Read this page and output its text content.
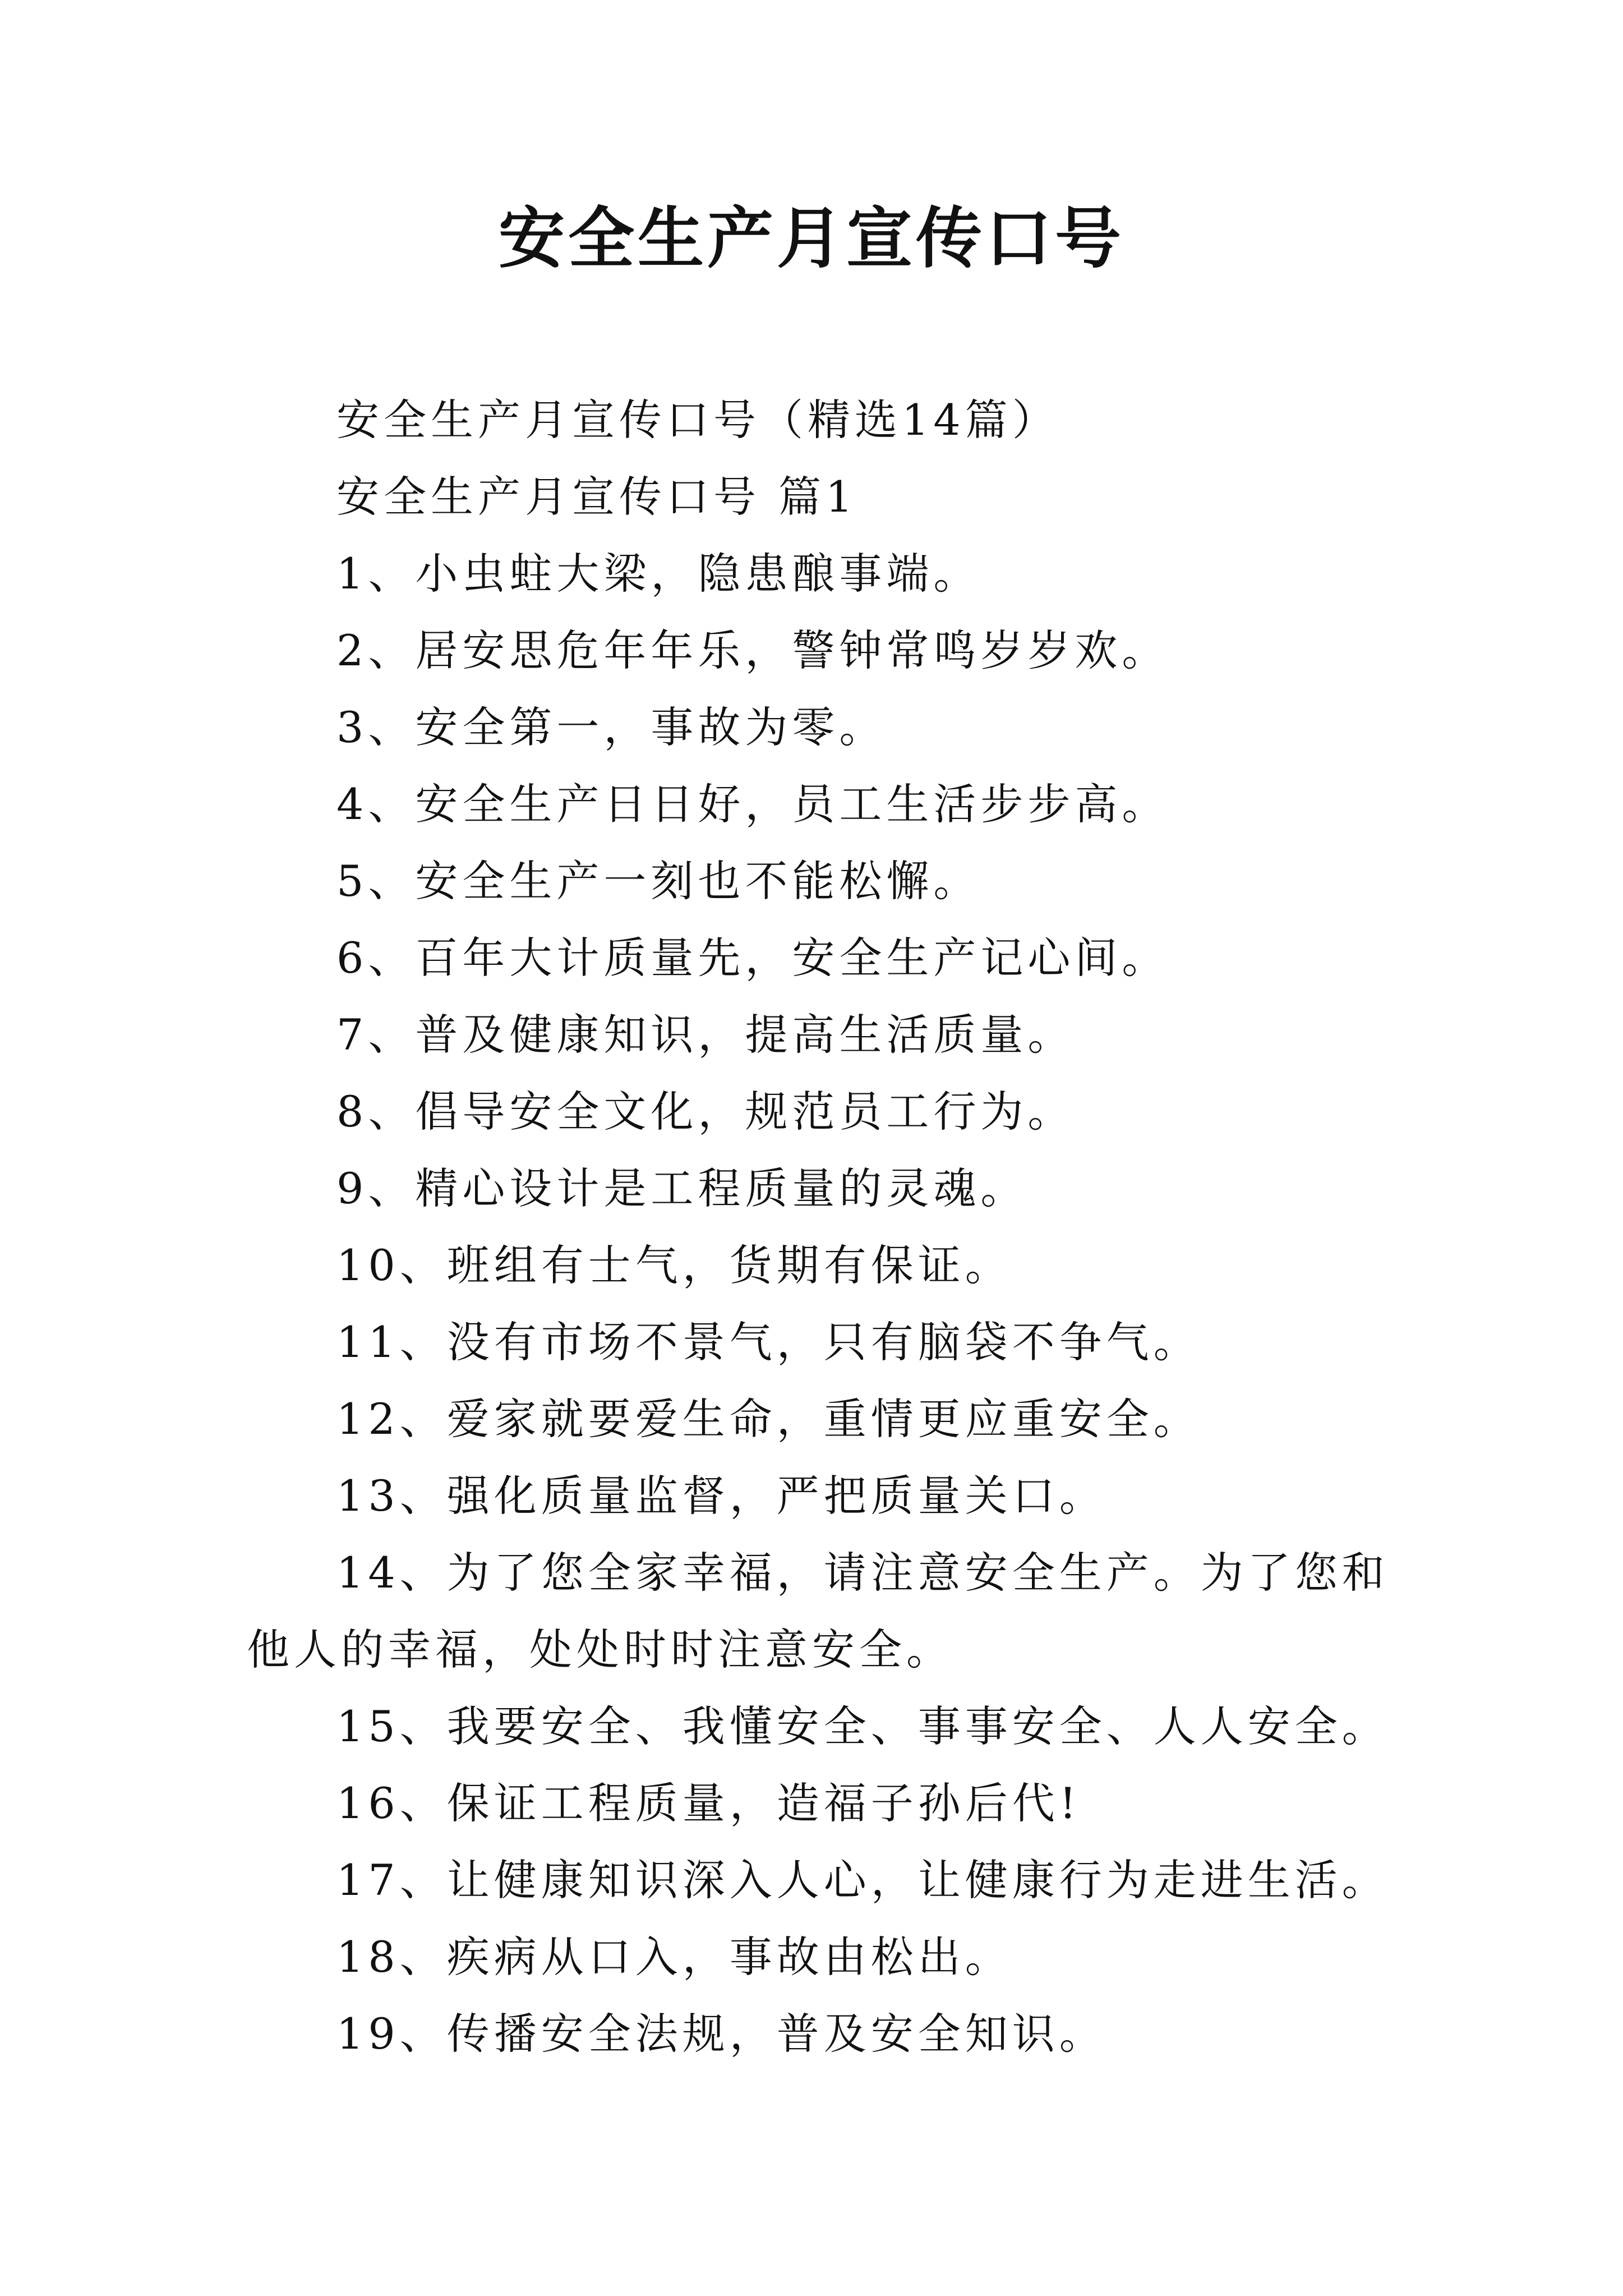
安全生产月宣传口号

安全生产月宣传口号（精选14篇）

安全生产月宣传口号 篇1

1、小虫蛀大梁，隐患酿事端。

2、居安思危年年乐，警钟常鸣岁岁欢。

3、安全第一，事故为零。

4、安全生产日日好，员工生活步步高。

5、安全生产一刻也不能松懈。

6、百年大计质量先，安全生产记心间。

7、普及健康知识，提高生活质量。

8、倡导安全文化，规范员工行为。

9、精心设计是工程质量的灵魂。

10、班组有士气，货期有保证。

11、没有市场不景气，只有脑袋不争气。

12、爱家就要爱生命，重情更应重安全。

13、强化质量监督，严把质量关口。

14、为了您全家幸福，请注意安全生产。为了您和他人的幸福，处处时时注意安全。

15、我要安全、我懂安全、事事安全、人人安全。

16、保证工程质量，造福子孙后代!

17、让健康知识深入人心，让健康行为走进生活。

18、疾病从口入，事故由松出。

19、传播安全法规，普及安全知识。
